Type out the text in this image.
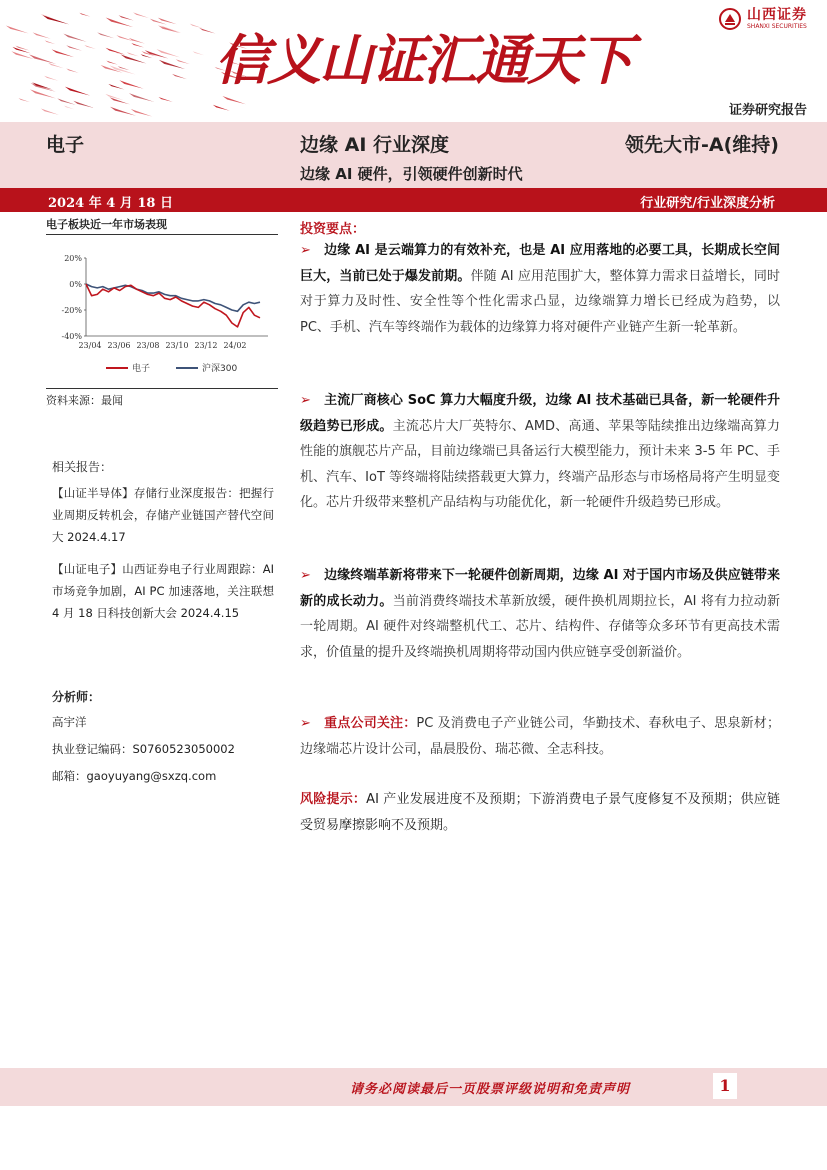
信义山证汇通天下
山西证券
SHANXI SECURITIES
证券研究报告
电子	边缘 AI 行业深度	领先大市-A(维持)
边缘 AI 硬件，引领硬件创新时代
2024 年 4 月 18 日	行业研究/行业深度分析
电子板块近一年市场表现
20%
0%
-20%
-40%
23/04 23/06 23/08 23/10 23/12 24/02
电子	沪深300
资料来源：最闻
相关报告：
【山证半导体】存储行业深度报告：把握行业周期反转机会，存储产业链国产替代空间大 2024.4.17
【山证电子】山西证券电子行业周跟踪：AI 市场竞争加剧，AI PC 加速落地，关注联想 4 月 18 日科技创新大会 2024.4.15
分析师：
高宇洋
执业登记编码：S0760523050002
邮箱：gaoyuyang@sxzq.com
投资要点：
➢ 边缘 AI 是云端算力的有效补充，也是 AI 应用落地的必要工具，长期成长空间巨大，当前已处于爆发前期。伴随 AI 应用范围扩大，整体算力需求日益增长，同时对于算力及时性、安全性等个性化需求凸显，边缘端算力增长已经成为趋势，以 PC、手机、汽车等终端作为载体的边缘算力将对硬件产业链产生新一轮革新。
➢ 主流厂商核心 SoC 算力大幅度升级，边缘 AI 技术基础已具备，新一轮硬件升级趋势已形成。主流芯片大厂英特尔、AMD、高通、苹果等陆续推出边缘端高算力性能的旗舰芯片产品，目前边缘端已具备运行大模型能力，预计未来 3-5 年 PC、手机、汽车、IoT 等终端将陆续搭载更大算力，终端产品形态与市场格局将产生明显变化。芯片升级带来整机产品结构与功能优化，新一轮硬件升级趋势已形成。
➢ 边缘终端革新将带来下一轮硬件创新周期，边缘 AI 对于国内市场及供应链带来新的成长动力。当前消费终端技术革新放缓，硬件换机周期拉长，AI 将有力拉动新一轮周期。AI 硬件对终端整机代工、芯片、结构件、存储等众多环节有更高技术需求，价值量的提升及终端换机周期将带动国内供应链享受创新溢价。
➢ 重点公司关注：PC 及消费电子产业链公司，华勤技术、春秋电子、思泉新材；边缘端芯片设计公司，晶晨股份、瑞芯微、全志科技。
风险提示：AI 产业发展进度不及预期；下游消费电子景气度修复不及预期；供应链受贸易摩擦影响不及预期。
请务必阅读最后一页股票评级说明和免责声明	1
